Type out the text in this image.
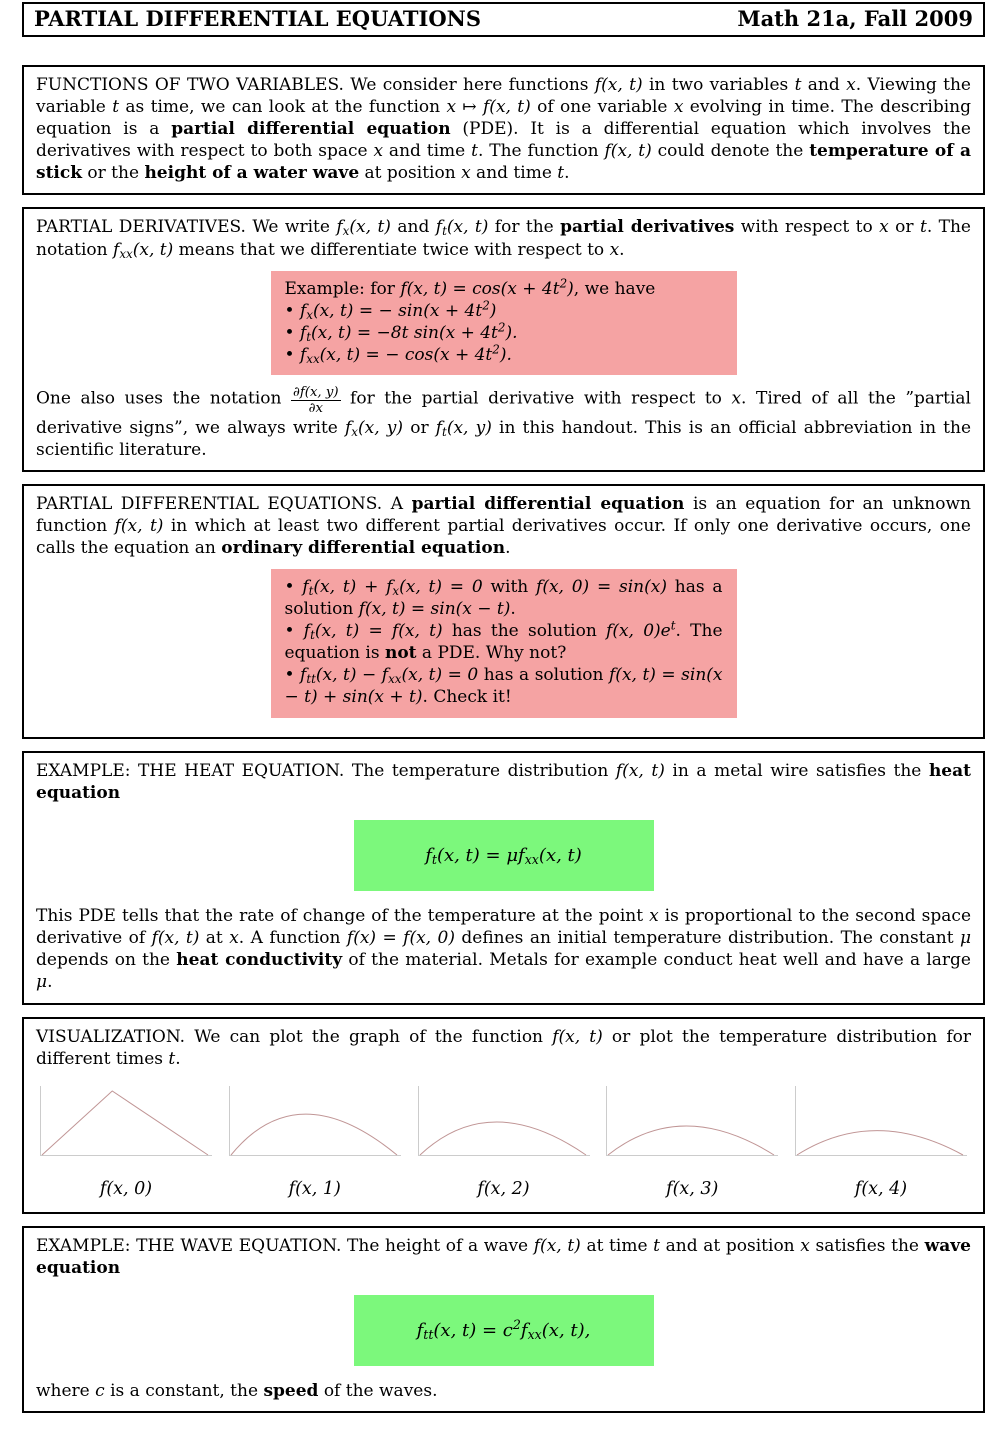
PARTIAL DIFFERENTIAL EQUATIONS	Math 21a, Fall 2009
FUNCTIONS OF TWO VARIABLES. We consider here functions f(x, t) in two variables t and x. Viewing the variable t as time, we can look at the function x ↦ f(x, t) of one variable x evolving in time. The describing equation is a partial differential equation (PDE). It is a differential equation which involves the derivatives with respect to both space x and time t. The function f(x, t) could denote the temperature of a stick or the height of a water wave at position x and time t.
PARTIAL DERIVATIVES. We write $f_x(x$, t) and $f_t(x$, t) for the partial derivatives with respect to x or t. The notation $f_{xx}(x$, t) means that we differentiate twice with respect to x.
Example: for f(x, $t) = \cos(x + 4t^2)$, we have
• $f_x(x$, t) = − $\sin(x + 4t^2)$
• $f_t(x$, t) = −8t $\sin(x + 4t^2)$.
• $f_{xx}(x$, t) = − $\cos(x + 4t^2)$.
One also uses the notation $\frac{\partial f(x, y)}{\partial x}$ for the partial derivative with respect to x. Tired of all the ”partial derivative signs”, we always write $f_x(x$, y) or $f_t(x$, y) in this handout. This is an official abbreviation in the scientific literature.
PARTIAL DIFFERENTIAL EQUATIONS. A partial differential equation is an equation for an unknown function f(x, t) in which at least two different partial derivatives occur. If only one derivative occurs, one calls the equation an ordinary differential equation.
• $f_t(x$, $t) + f_x(x$, t) = 0 with f(x, 0) = sin(x) has a solution f(x, t) = sin(x − t).
• $f_t(x$, t) = f(x, t) has the solution f(x, $0)e^t$. The equation is not a PDE. Why not?
• $f_{tt}(x$, $t) - f_{xx}(x$, t) = 0 has a solution f(x, t) = sin(x − t) + sin(x + t). Check it!
EXAMPLE: THE HEAT EQUATION. The temperature distribution f(x, t) in a metal wire satisfies the heat equation
$f_t(x$, $t) = \mu f_{xx}(x$, t)
This PDE tells that the rate of change of the temperature at the point x is proportional to the second space derivative of f(x, t) at x. A function f(x) = f(x, 0) defines an initial temperature distribution. The constant μ depends on the heat conductivity of the material. Metals for example conduct heat well and have a large μ.
VISUALIZATION. We can plot the graph of the function f(x, t) or plot the temperature distribution for different times t.
f(x, 0)	f(x, 1)	f(x, 2)	f(x, 3)	f(x, 4)
EXAMPLE: THE WAVE EQUATION. The height of a wave f(x, t) at time t and at position x satisfies the wave equation
$f_{tt}(x$, $t) = c^2f_{xx}(x$, t),
where c is a constant, the speed of the waves.
